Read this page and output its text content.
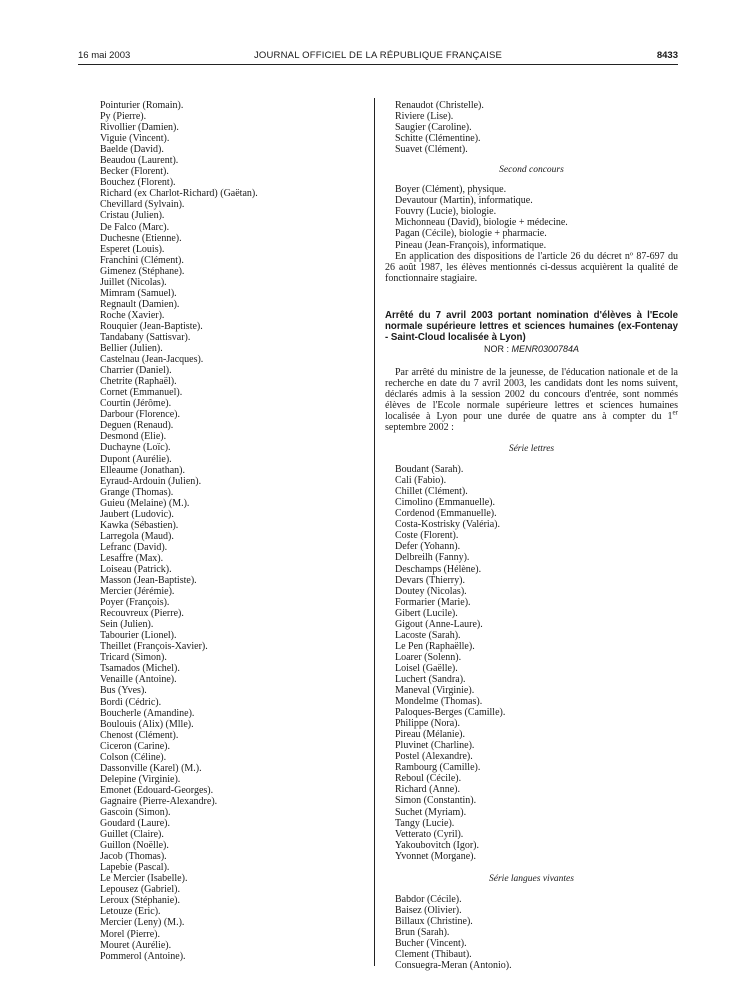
16 mai 2003	JOURNAL OFFICIEL DE LA RÉPUBLIQUE FRANÇAISE	8433
Pointurier (Romain).
Py (Pierre).
Rivollier (Damien).
Viguie (Vincent).
Baelde (David).
Beaudou (Laurent).
Becker (Florent).
Bouchez (Florent).
Richard (ex Charlot-Richard) (Gaëtan).
Chevillard (Sylvain).
Cristau (Julien).
De Falco (Marc).
Duchesne (Etienne).
Esperet (Louis).
Franchini (Clément).
Gimenez (Stéphane).
Juillet (Nicolas).
Mimram (Samuel).
Regnault (Damien).
Roche (Xavier).
Rouquier (Jean-Baptiste).
Tandabany (Sattisvar).
Bellier (Julien).
Castelnau (Jean-Jacques).
Charrier (Daniel).
Chetrite (Raphaël).
Cornet (Emmanuel).
Courtin (Jérôme).
Darbour (Florence).
Deguen (Renaud).
Desmond (Elie).
Duchayne (Loïc).
Dupont (Aurélie).
Elleaume (Jonathan).
Eyraud-Ardouin (Julien).
Grange (Thomas).
Guieu (Melaine) (M.).
Jaubert (Ludovic).
Kawka (Sébastien).
Larregola (Maud).
Lefranc (David).
Lesaffre (Max).
Loiseau (Patrick).
Masson (Jean-Baptiste).
Mercier (Jérémie).
Poyer (François).
Recouvreux (Pierre).
Sein (Julien).
Tabourier (Lionel).
Theillet (François-Xavier).
Tricard (Simon).
Tsamados (Michel).
Venaille (Antoine).
Bus (Yves).
Bordi (Cédric).
Boucherle (Amandine).
Boulouis (Alix) (Mlle).
Chenost (Clément).
Ciceron (Carine).
Colson (Céline).
Dassonville (Karel) (M.).
Delepine (Virginie).
Emonet (Edouard-Georges).
Gagnaire (Pierre-Alexandre).
Gascoin (Simon).
Goudard (Laure).
Guillet (Claire).
Guillon (Noëlle).
Jacob (Thomas).
Lapebie (Pascal).
Le Mercier (Isabelle).
Lepousez (Gabriel).
Leroux (Stéphanie).
Letouze (Eric).
Mercier (Leny) (M.).
Morel (Pierre).
Mouret (Aurélie).
Pommerol (Antoine).
Renaudot (Christelle).
Riviere (Lise).
Saugier (Caroline).
Schitte (Clémentine).
Suavet (Clément).
Second concours
Boyer (Clément), physique.
Devautour (Martin), informatique.
Fouvry (Lucie), biologie.
Michonneau (David), biologie + médecine.
Pagan (Cécile), biologie + pharmacie.
Pineau (Jean-François), informatique.
En application des dispositions de l'article 26 du décret nº 87-697 du 26 août 1987, les élèves mentionnés ci-dessus acquièrent la qualité de fonctionnaire stagiaire.
Arrêté du 7 avril 2003 portant nomination d'élèves à l'Ecole normale supérieure lettres et sciences humaines (ex-Fontenay - Saint-Cloud localisée à Lyon)
NOR : MENR0300784A
Par arrêté du ministre de la jeunesse, de l'éducation nationale et de la recherche en date du 7 avril 2003, les candidats dont les noms suivent, déclarés admis à la session 2002 du concours d'entrée, sont nommés élèves de l'Ecole normale supérieure lettres et sciences humaines localisée à Lyon pour une durée de quatre ans à compter du 1er septembre 2002 :
Série lettres
Boudant (Sarah).
Cali (Fabio).
Chillet (Clément).
Cimolino (Emmanuelle).
Cordenod (Emmanuelle).
Costa-Kostrisky (Valéria).
Coste (Florent).
Defer (Yohann).
Delbreilh (Fanny).
Deschamps (Hélène).
Devars (Thierry).
Doutey (Nicolas).
Formarier (Marie).
Gibert (Lucile).
Gigout (Anne-Laure).
Lacoste (Sarah).
Le Pen (Raphaëlle).
Loarer (Solenn).
Loisel (Gaëlle).
Luchert (Sandra).
Maneval (Virginie).
Mondelme (Thomas).
Paloques-Berges (Camille).
Philippe (Nora).
Pireau (Mélanie).
Pluvinet (Charline).
Postel (Alexandre).
Rambourg (Camille).
Reboul (Cécile).
Richard (Anne).
Simon (Constantin).
Suchet (Myriam).
Tangy (Lucie).
Vetterato (Cyril).
Yakoubovitch (Igor).
Yvonnet (Morgane).
Série langues vivantes
Babdor (Cécile).
Baisez (Olivier).
Billaux (Christine).
Brun (Sarah).
Bucher (Vincent).
Clement (Thibaut).
Consuegra-Meran (Antonio).
